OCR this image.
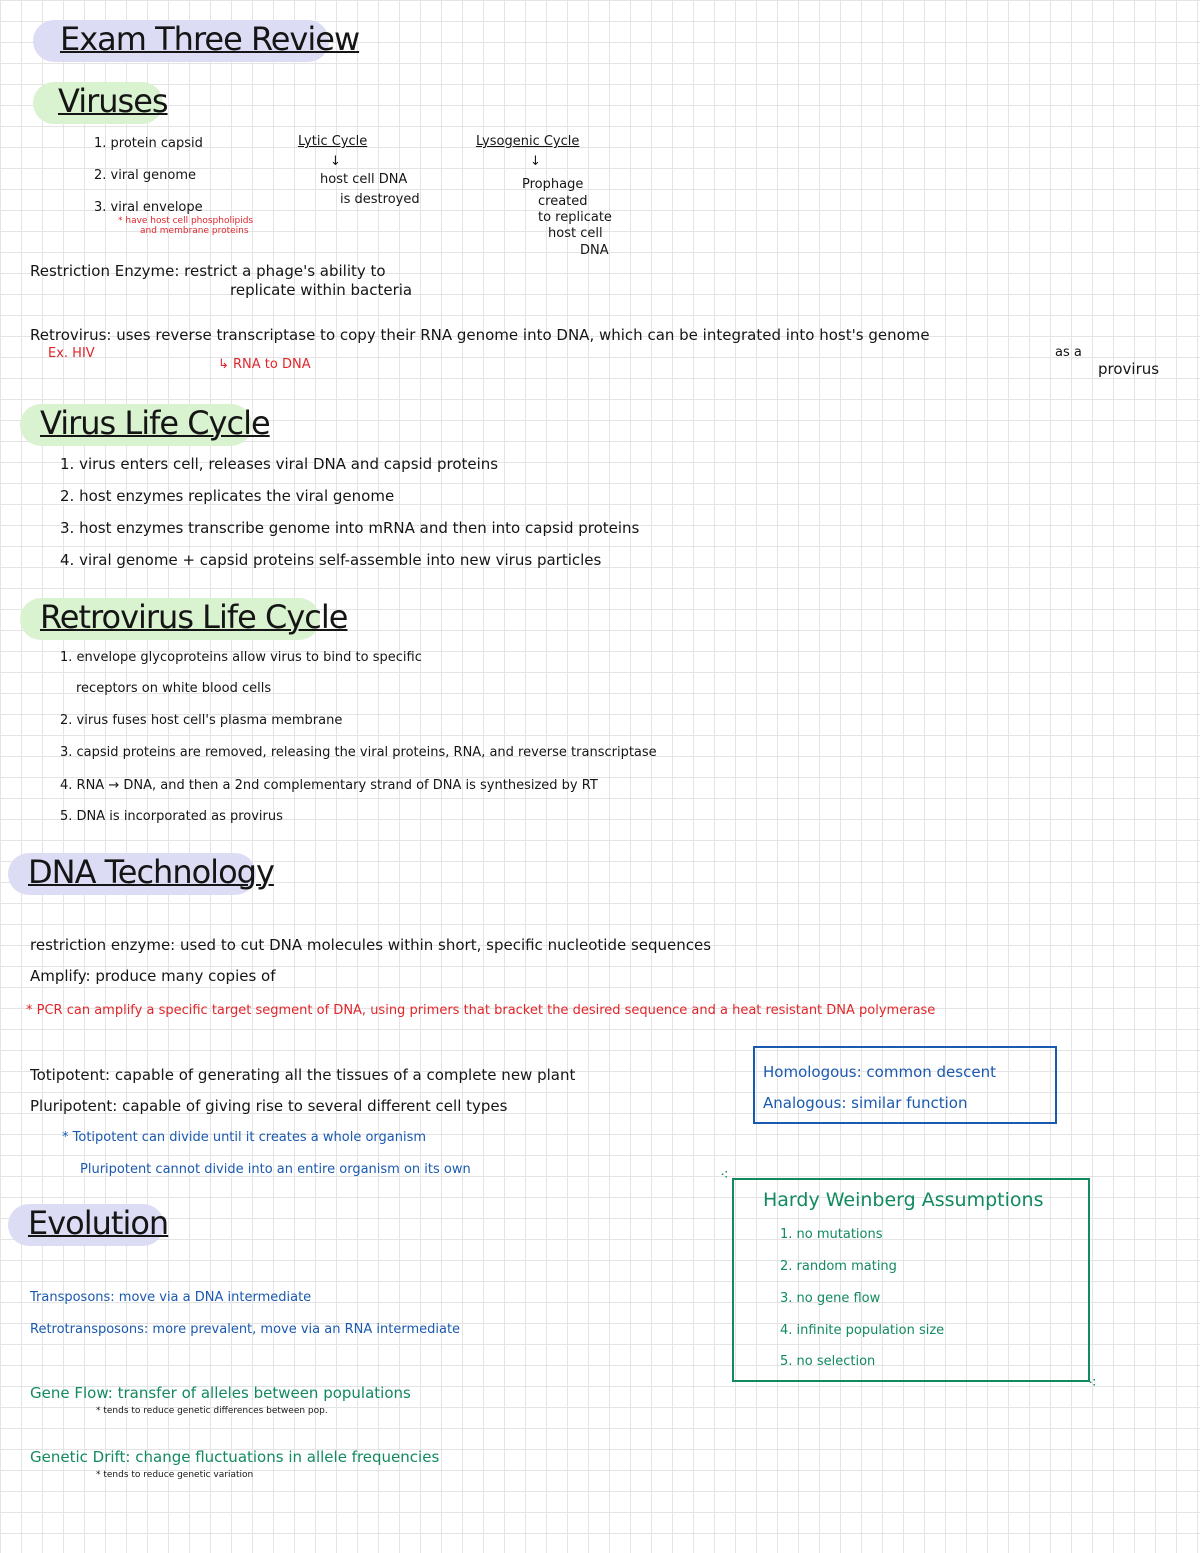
Exam Three Review
Viruses
1. protein capsid
2. viral genome
3. viral envelope
* have host cell phospholipids
and membrane proteins
Lytic Cycle
↓
host cell DNA
is destroyed
Lysogenic Cycle
↓
Prophage
created
to replicate
host cell
DNA
Restriction Enzyme: restrict a phage's ability to
replicate within bacteria
Retrovirus: uses reverse transcriptase to copy their RNA genome into DNA, which can be integrated into host's genome
as a
provirus
Ex. HIV
↳ RNA to DNA
Virus Life Cycle
1. virus enters cell, releases viral DNA and capsid proteins
2. host enzymes replicates the viral genome
3. host enzymes transcribe genome into mRNA and then into capsid proteins
4. viral genome + capsid proteins self-assemble into new virus particles
Retrovirus Life Cycle
1. envelope glycoproteins allow virus to bind to specific
receptors on white blood cells
2. virus fuses host cell's plasma membrane
3. capsid proteins are removed, releasing the viral proteins, RNA, and reverse transcriptase
4. RNA → DNA, and then a 2nd complementary strand of DNA is synthesized by RT
5. DNA is incorporated as provirus
DNA Technology
restriction enzyme: used to cut DNA molecules within short, specific nucleotide sequences
Amplify: produce many copies of
* PCR can amplify a specific target segment of DNA, using primers that bracket the desired sequence and a heat resistant DNA polymerase
Totipotent: capable of generating all the tissues of a complete new plant
Pluripotent: capable of giving rise to several different cell types
* Totipotent can divide until it creates a whole organism
Pluripotent cannot divide into an entire organism on its own
Homologous: common descent
Analogous: similar function
Evolution
Transposons: move via a DNA intermediate
Retrotransposons: more prevalent, move via an RNA intermediate
Gene Flow: transfer of alleles between populations
* tends to reduce genetic differences between pop.
Genetic Drift: change fluctuations in allele frequencies
* tends to reduce genetic variation
⁖
⁖
Hardy Weinberg Assumptions
1. no mutations
2. random mating
3. no gene flow
4. infinite population size
5. no selection
